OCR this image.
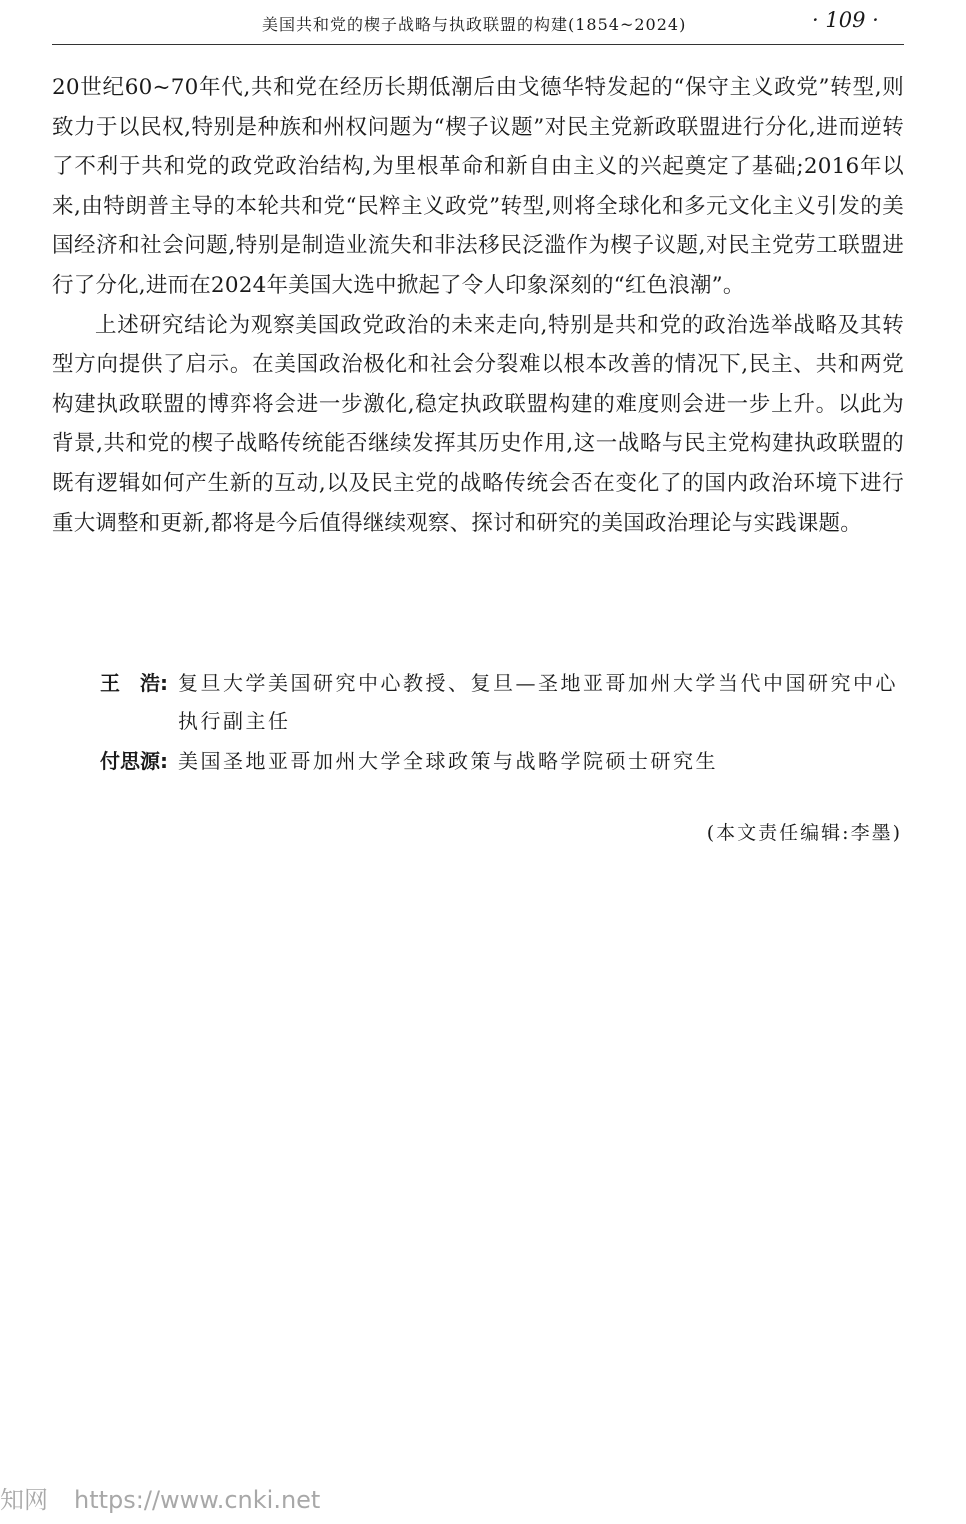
美国共和党的楔子战略与执政联盟的构建(1854~2024)	· 109 ·

20世纪60~70年代,共和党在经历长期低潮后由戈德华特发起的“保守主义政党”转型,则致力于以民权,特别是种族和州权问题为“楔子议题”对民主党新政联盟进行分化,进而逆转了不利于共和党的政党政治结构,为里根革命和新自由主义的兴起奠定了基础;2016年以来,由特朗普主导的本轮共和党“民粹主义政党”转型,则将全球化和多元文化主义引发的美国经济和社会问题,特别是制造业流失和非法移民泛滥作为楔子议题,对民主党劳工联盟进行了分化,进而在2024年美国大选中掀起了令人印象深刻的“红色浪潮”。

上述研究结论为观察美国政党政治的未来走向,特别是共和党的政治选举战略及其转型方向提供了启示。在美国政治极化和社会分裂难以根本改善的情况下,民主、共和两党构建执政联盟的博弈将会进一步激化,稳定执政联盟构建的难度则会进一步上升。以此为背景,共和党的楔子战略传统能否继续发挥其历史作用,这一战略与民主党构建执政联盟的既有逻辑如何产生新的互动,以及民主党的战略传统会否在变化了的国内政治环境下进行重大调整和更新,都将是今后值得继续观察、探讨和研究的美国政治理论与实践课题。

王　浩: 复旦大学美国研究中心教授、复旦—圣地亚哥加州大学当代中国研究中心执行副主任
付思源: 美国圣地亚哥加州大学全球政策与战略学院硕士研究生
(本文责任编辑:李墨)
知网 https://www.cnki.net
